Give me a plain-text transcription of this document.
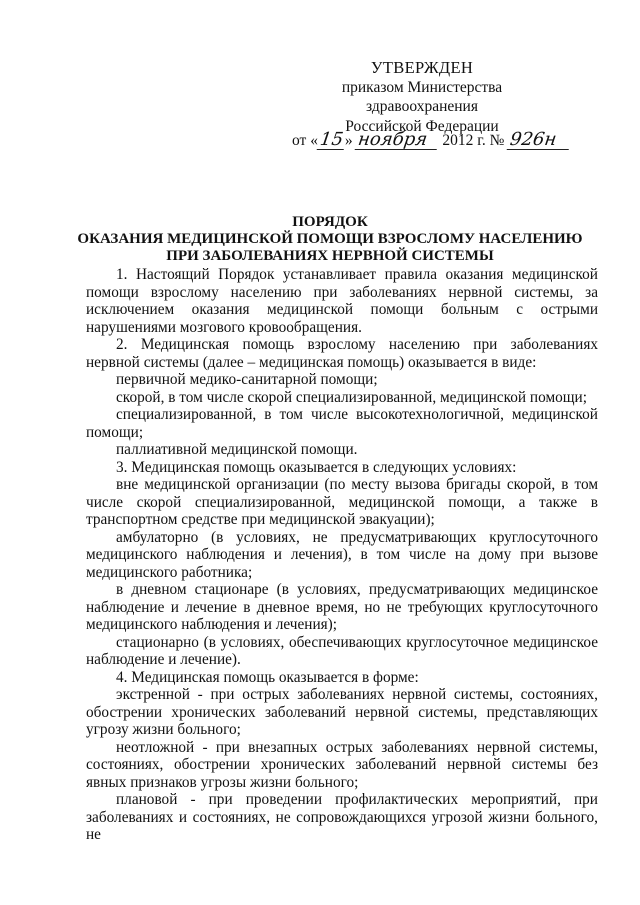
УТВЕРЖДЕН
приказом Министерства здравоохранения
Российской Федерации
от «15» ноября 2012 г. № 926н
ПОРЯДОК
ОКАЗАНИЯ МЕДИЦИНСКОЙ ПОМОЩИ ВЗРОСЛОМУ НАСЕЛЕНИЮ
ПРИ ЗАБОЛЕВАНИЯХ НЕРВНОЙ СИСТЕМЫ

1. Настоящий Порядок устанавливает правила оказания медицинской помощи взрослому населению при заболеваниях нервной системы, за исключением оказания медицинской помощи больным с острыми нарушениями мозгового кровообращения.

2. Медицинская помощь взрослому населению при заболеваниях нервной системы (далее – медицинская помощь) оказывается в виде:

первичной медико-санитарной помощи;

скорой, в том числе скорой специализированной, медицинской помощи;

специализированной, в том числе высокотехнологичной, медицинской помощи;

паллиативной медицинской помощи.

3. Медицинская помощь оказывается в следующих условиях:

вне медицинской организации (по месту вызова бригады скорой, в том числе скорой специализированной, медицинской помощи, а также в транспортном средстве при медицинской эвакуации);

амбулаторно (в условиях, не предусматривающих круглосуточного медицинского наблюдения и лечения), в том числе на дому при вызове медицинского работника;

в дневном стационаре (в условиях, предусматривающих медицинское наблюдение и лечение в дневное время, но не требующих круглосуточного медицинского наблюдения и лечения);

стационарно (в условиях, обеспечивающих круглосуточное медицинское наблюдение и лечение).

4. Медицинская помощь оказывается в форме:

экстренной - при острых заболеваниях нервной системы, состояниях, обострении хронических заболеваний нервной системы, представляющих угрозу жизни больного;

неотложной - при внезапных острых заболеваниях нервной системы, состояниях, обострении хронических заболеваний нервной системы без явных признаков угрозы жизни больного;

плановой - при проведении профилактических мероприятий, при заболеваниях и состояниях, не сопровождающихся угрозой жизни больного, не
